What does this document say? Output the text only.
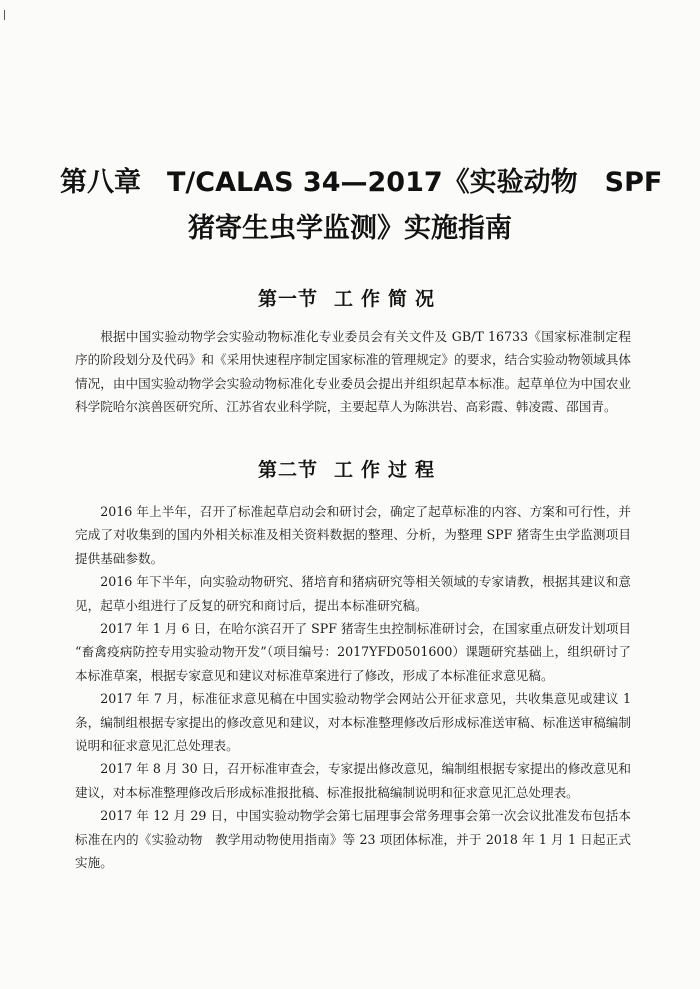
第八章 T/CALAS 34—2017《实验动物　SPF
猪寄生虫学监测》实施指南
第一节 工作简况

根据中国实验动物学会实验动物标准化专业委员会有关文件及 GB/T 16733《国家标准制定程序的阶段划分及代码》和《采用快速程序制定国家标准的管理规定》的要求，结合实验动物领域具体情况，由中国实验动物学会实验动物标准化专业委员会提出并组织起草本标准。起草单位为中国农业科学院哈尔滨兽医研究所、江苏省农业科学院，主要起草人为陈洪岩、高彩霞、韩凌霞、邵国青。

第二节 工作过程

2016 年上半年，召开了标准起草启动会和研讨会，确定了起草标准的内容、方案和可行性，并完成了对收集到的国内外相关标准及相关资料数据的整理、分析，为整理 SPF 猪寄生虫学监测项目提供基础参数。

2016 年下半年，向实验动物研究、猪培育和猪病研究等相关领域的专家请教，根据其建议和意见，起草小组进行了反复的研究和商讨后，提出本标准研究稿。

2017 年 1 月 6 日，在哈尔滨召开了 SPF 猪寄生虫控制标准研讨会，在国家重点研发计划项目 “畜禽疫病防控专用实验动物开发”（项目编号：2017YFD0501600）课题研究基础上，组织研讨了本标准草案，根据专家意见和建议对标准草案进行了修改，形成了本标准征求意见稿。

2017 年 7 月，标准征求意见稿在中国实验动物学会网站公开征求意见，共收集意见或建议 1 条，编制组根据专家提出的修改意见和建议，对本标准整理修改后形成标准送审稿、标准送审稿编制说明和征求意见汇总处理表。

2017 年 8 月 30 日，召开标准审查会，专家提出修改意见，编制组根据专家提出的修改意见和建议，对本标准整理修改后形成标准报批稿、标准报批稿编制说明和征求意见汇总处理表。

2017 年 12 月 29 日，中国实验动物学会第七届理事会常务理事会第一次会议批准发布包括本标准在内的《实验动物　教学用动物使用指南》等 23 项团体标准，并于 2018 年 1 月 1 日起正式实施。
